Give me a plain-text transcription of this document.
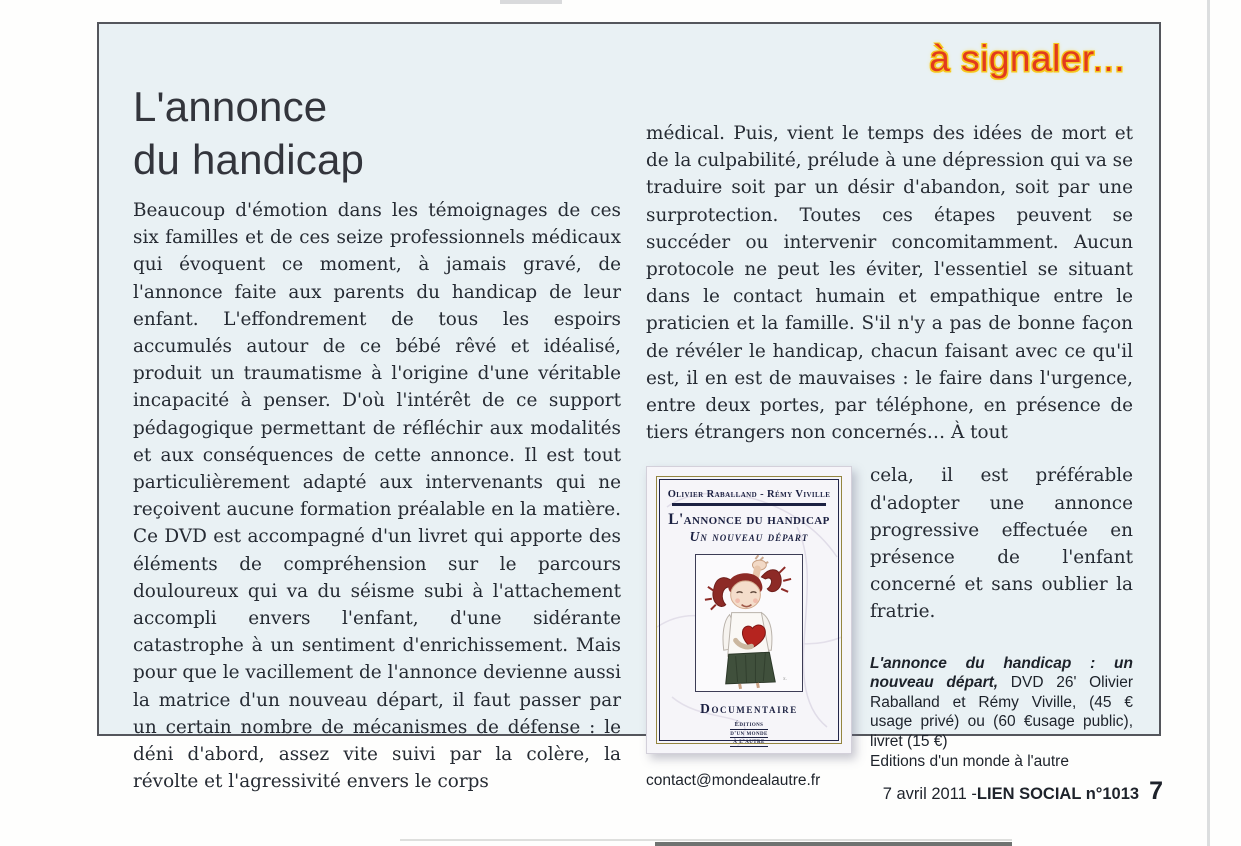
à signaler...
L'annonce
du handicap

Beaucoup d'émotion dans les témoignages de ces six familles et de ces seize professionnels médicaux qui évoquent ce moment, à jamais gravé, de l'annonce faite aux parents du handicap de leur enfant. L'effondrement de tous les espoirs accumulés autour de ce bébé rêvé et idéalisé, produit un traumatisme à l'origine d'une véritable incapacité à penser. D'où l'intérêt de ce support pédagogique permettant de réfléchir aux modalités et aux conséquences de cette annonce. Il est tout particulièrement adapté aux intervenants qui ne reçoivent aucune formation préalable en la matière. Ce DVD est accompagné d'un livret qui apporte des éléments de compréhension sur le parcours douloureux qui va du séisme subi à l'attachement accompli envers l'enfant, d'une sidérante catastrophe à un sentiment d'enrichissement. Mais pour que le vacillement de l'annonce devienne aussi la matrice d'un nouveau départ, il faut passer par un certain nombre de mécanismes de défense : le déni d'abord, assez vite suivi par la colère, la révolte et l'agressivité envers le corps

médical. Puis, vient le temps des idées de mort et de la culpabilité, prélude à une dépression qui va se traduire soit par un désir d'abandon, soit par une surprotection. Toutes ces étapes peuvent se succéder ou intervenir concomitamment. Aucun protocole ne peut les éviter, l'essentiel se situant dans le contact humain et empathique entre le praticien et la famille. S'il n'y a pas de bonne façon de révéler le handicap, chacun faisant avec ce qu'il est, il en est de mauvaises : le faire dans l'urgence, entre deux portes, par téléphone, en présence de tiers étrangers non concernés… À tout

Olivier Raballand - Rémy Viville
L'annonce du handicap
Un nouveau départ
s.
Documentaire
Éditions
d'un monde
à l'autre

cela, il est préférable d'adopter une annonce progressive effectuée en présence de l'enfant concerné et sans oublier la fratrie.

L'annonce du handicap : un nouveau départ, DVD 26' Olivier Raballand et Rémy Viville, (45 € usage privé) ou (60 €usage public), livret (15 €)
Editions d'un monde à l'autre
contact@mondealautre.fr
7 avril 2011 - LIEN SOCIAL n°1013 7
